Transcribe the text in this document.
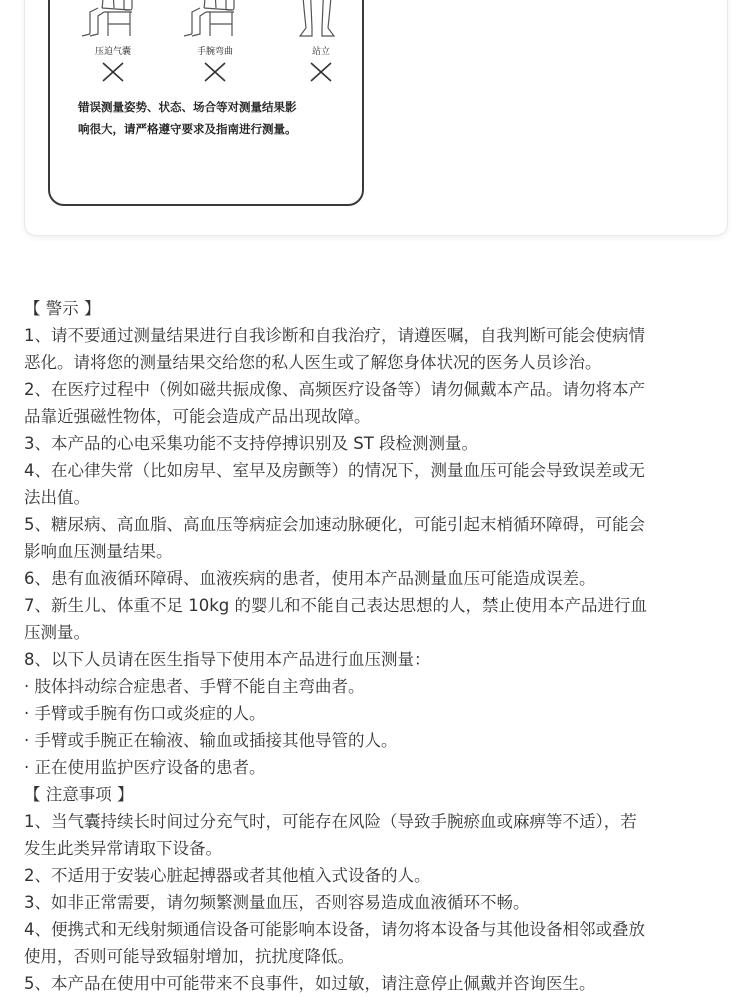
压迫气囊	手腕弯曲	站立
错误测量姿势、状态、场合等对测量结果影
响很大，请严格遵守要求及指南进行测量。
【 警示 】
1、请不要通过测量结果进行自我诊断和自我治疗，请遵医嘱，自我判断可能会使病情
恶化。请将您的测量结果交给您的私人医生或了解您身体状况的医务人员诊治。
2、在医疗过程中（例如磁共振成像、高频医疗设备等）请勿佩戴本产品。请勿将本产
品靠近强磁性物体，可能会造成产品出现故障。
3、本产品的心电采集功能不支持停搏识别及 ST 段检测测量。
4、在心律失常（比如房早、室早及房颤等）的情况下，测量血压可能会导致误差或无
法出值。
5、糖尿病、高血脂、高血压等病症会加速动脉硬化，可能引起末梢循环障碍，可能会
影响血压测量结果。
6、患有血液循环障碍、血液疾病的患者，使用本产品测量血压可能造成误差。
7、新生儿、体重不足 10kg 的婴儿和不能自己表达思想的人，禁止使用本产品进行血
压测量。
8、以下人员请在医生指导下使用本产品进行血压测量：
· 肢体抖动综合症患者、手臂不能自主弯曲者。
· 手臂或手腕有伤口或炎症的人。
· 手臂或手腕正在输液、输血或插接其他导管的人。
· 正在使用监护医疗设备的患者。
【 注意事项 】
1、当气囊持续长时间过分充气时，可能存在风险（导致手腕瘀血或麻痹等不适），若
发生此类异常请取下设备。
2、不适用于安装心脏起搏器或者其他植入式设备的人。
3、如非正常需要，请勿频繁测量血压，否则容易造成血液循环不畅。
4、便携式和无线射频通信设备可能影响本设备，请勿将本设备与其他设备相邻或叠放
使用，否则可能导致辐射增加，抗扰度降低。
5、本产品在使用中可能带来不良事件，如过敏，请注意停止佩戴并咨询医生。
